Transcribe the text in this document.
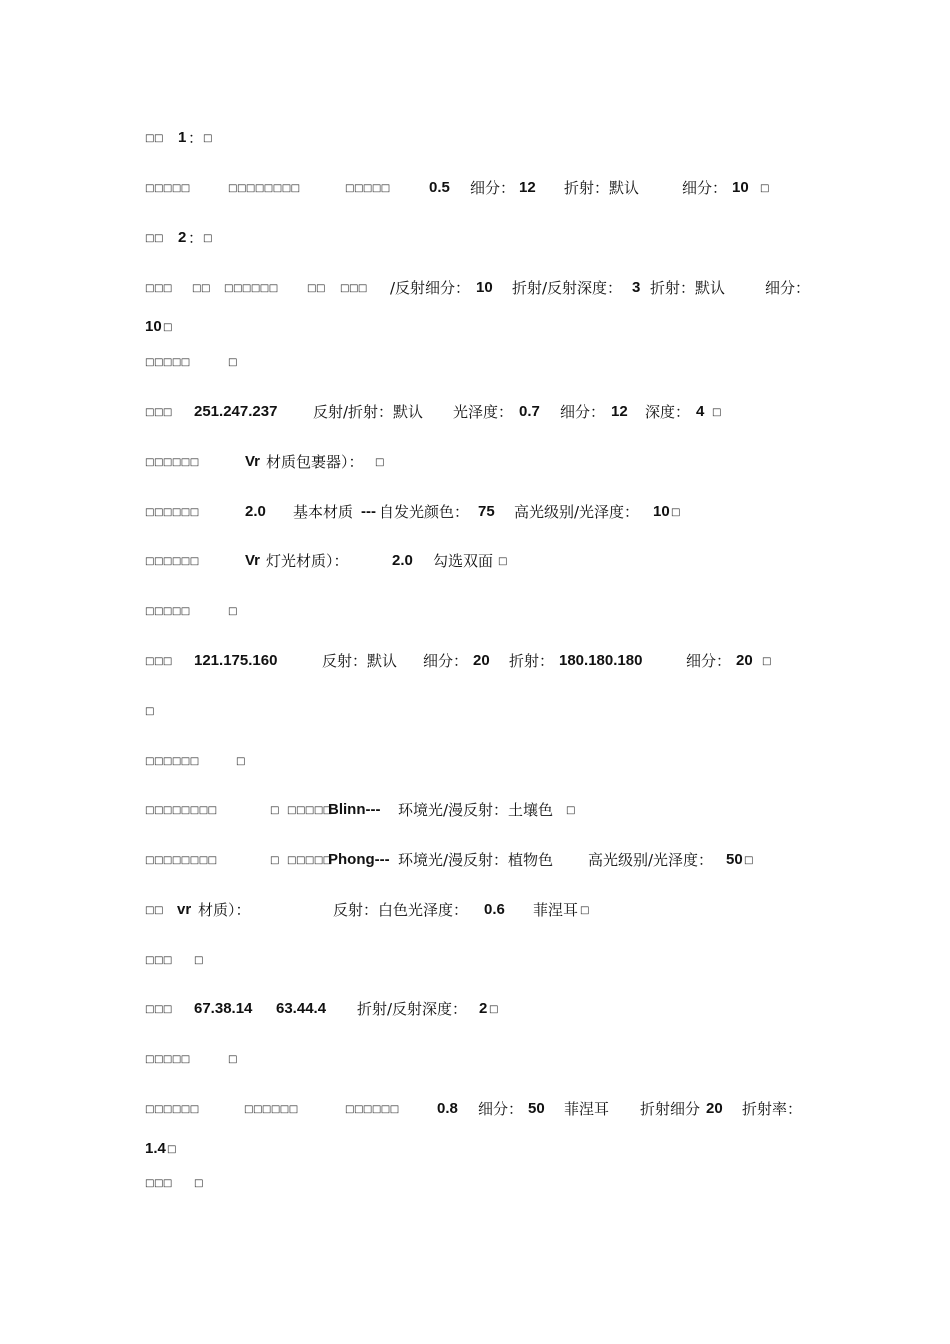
□□ 1 ： □
□□□□□	□□□□□□□□	□□□□□	0.5 细分： 12 折射：默认	细分： 10 □
□□ 2 ： □
□□□ □□ □□□□□□	□□ □□□ /反射细分： 10 折射/反射深度： 3 折射：默认	细分：
10 □
□□□□□	□
□□□ 251.247.237 反射/折射：默认 光泽度： 0.7 细分： 12 深度： 4 □
□□□□□□	Vr 材质包裹器）： □
□□□□□□	2.0 基本材质 --- 自发光颜色： 75 高光级别/光泽度： 10 □
□□□□□□	Vr 灯光材质）：	2.0 勾选双面 □
□□□□□	□
□□□ 121.175.160	反射：默认 细分： 20 折射： 180.180.180	细分： 20 □
□
□□□□□□	□
□□□□□□□□	□ □□□□□
Blinn--- 环境光/漫反射：土壤色 □
□□□□□□□□	□ □□□□□
Phong--- 环境光/漫反射：植物色 高光级别/光泽度： 50 □
□□ vr 材质）：	反射：白色光泽度： 0.6 菲涅耳 □
□□□ □
□□□ 67.38.14 63.44.4 折射/反射深度： 2 □
□□□□□	□
□□□□□□	□□□□□□	□□□□□□	0.8 细分： 50 菲涅耳 折射细分 20 折射率：
1.4 □
□□□ □
